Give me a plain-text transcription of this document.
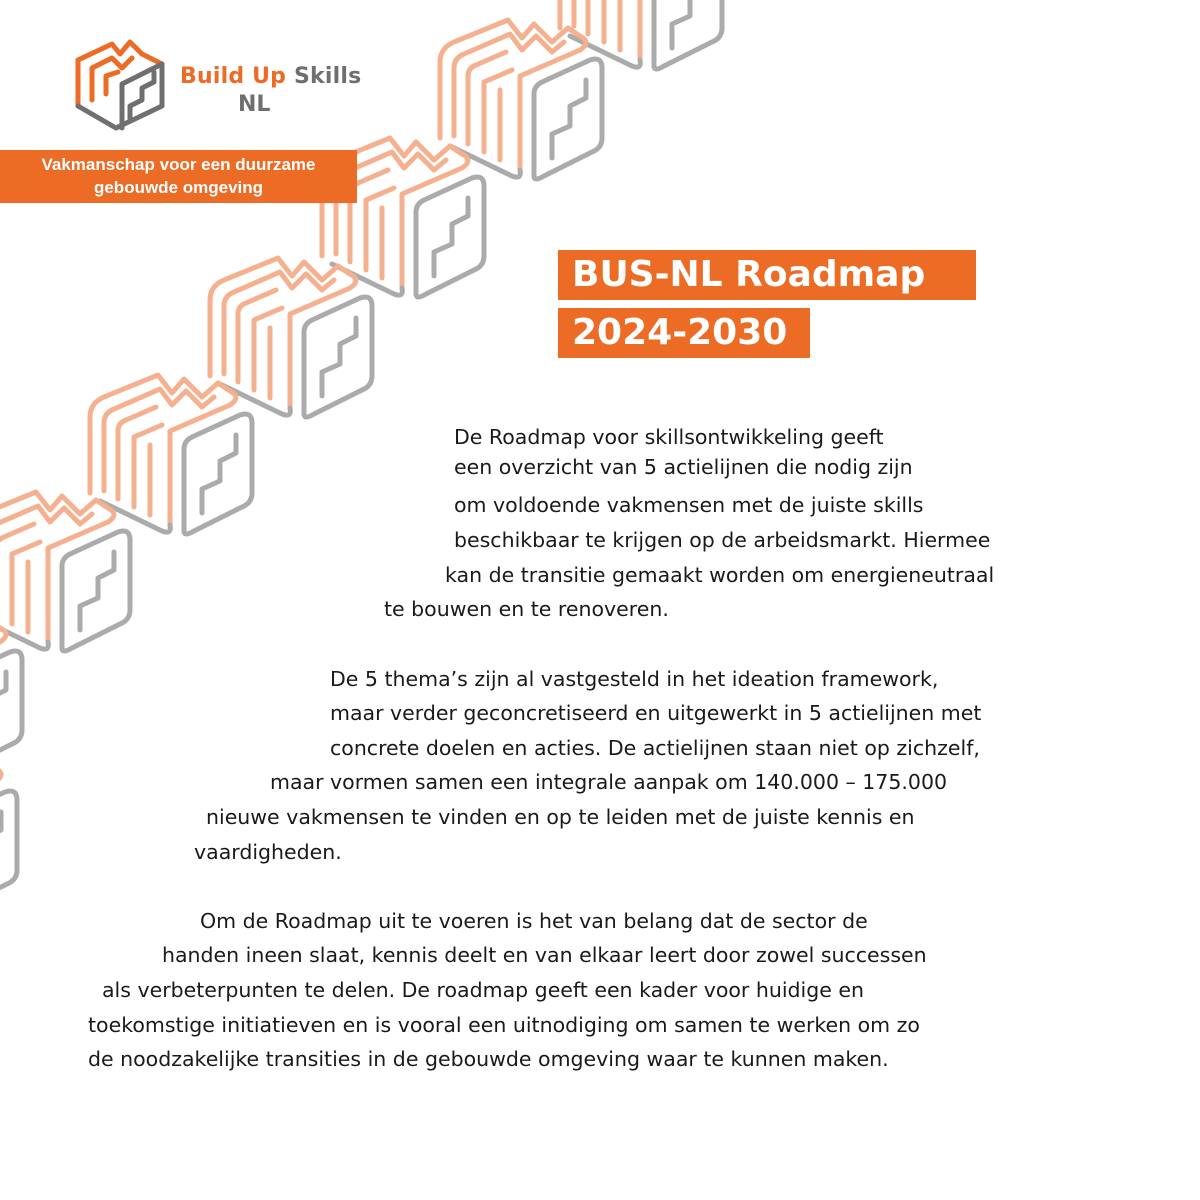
Build Up Skills
NL
Vakmanschap voor een duurzame
gebouwde omgeving
BUS-NL Roadmap
2024-2030
De Roadmap voor skillsontwikkeling geeft
een overzicht van 5 actielijnen die nodig zijn
om voldoende vakmensen met de juiste skills
beschikbaar te krijgen op de arbeidsmarkt. Hiermee
kan de transitie gemaakt worden om energieneutraal
te bouwen en te renoveren.
De 5 thema’s zijn al vastgesteld in het ideation framework,
maar verder geconcretiseerd en uitgewerkt in 5 actielijnen met
concrete doelen en acties. De actielijnen staan niet op zichzelf,
maar vormen samen een integrale aanpak om 140.000 – 175.000
nieuwe vakmensen te vinden en op te leiden met de juiste kennis en
vaardigheden.
Om de Roadmap uit te voeren is het van belang dat de sector de
handen ineen slaat, kennis deelt en van elkaar leert door zowel successen
als verbeterpunten te delen. De roadmap geeft een kader voor huidige en
toekomstige initiatieven en is vooral een uitnodiging om samen te werken om zo
de noodzakelijke transities in de gebouwde omgeving waar te kunnen maken.
